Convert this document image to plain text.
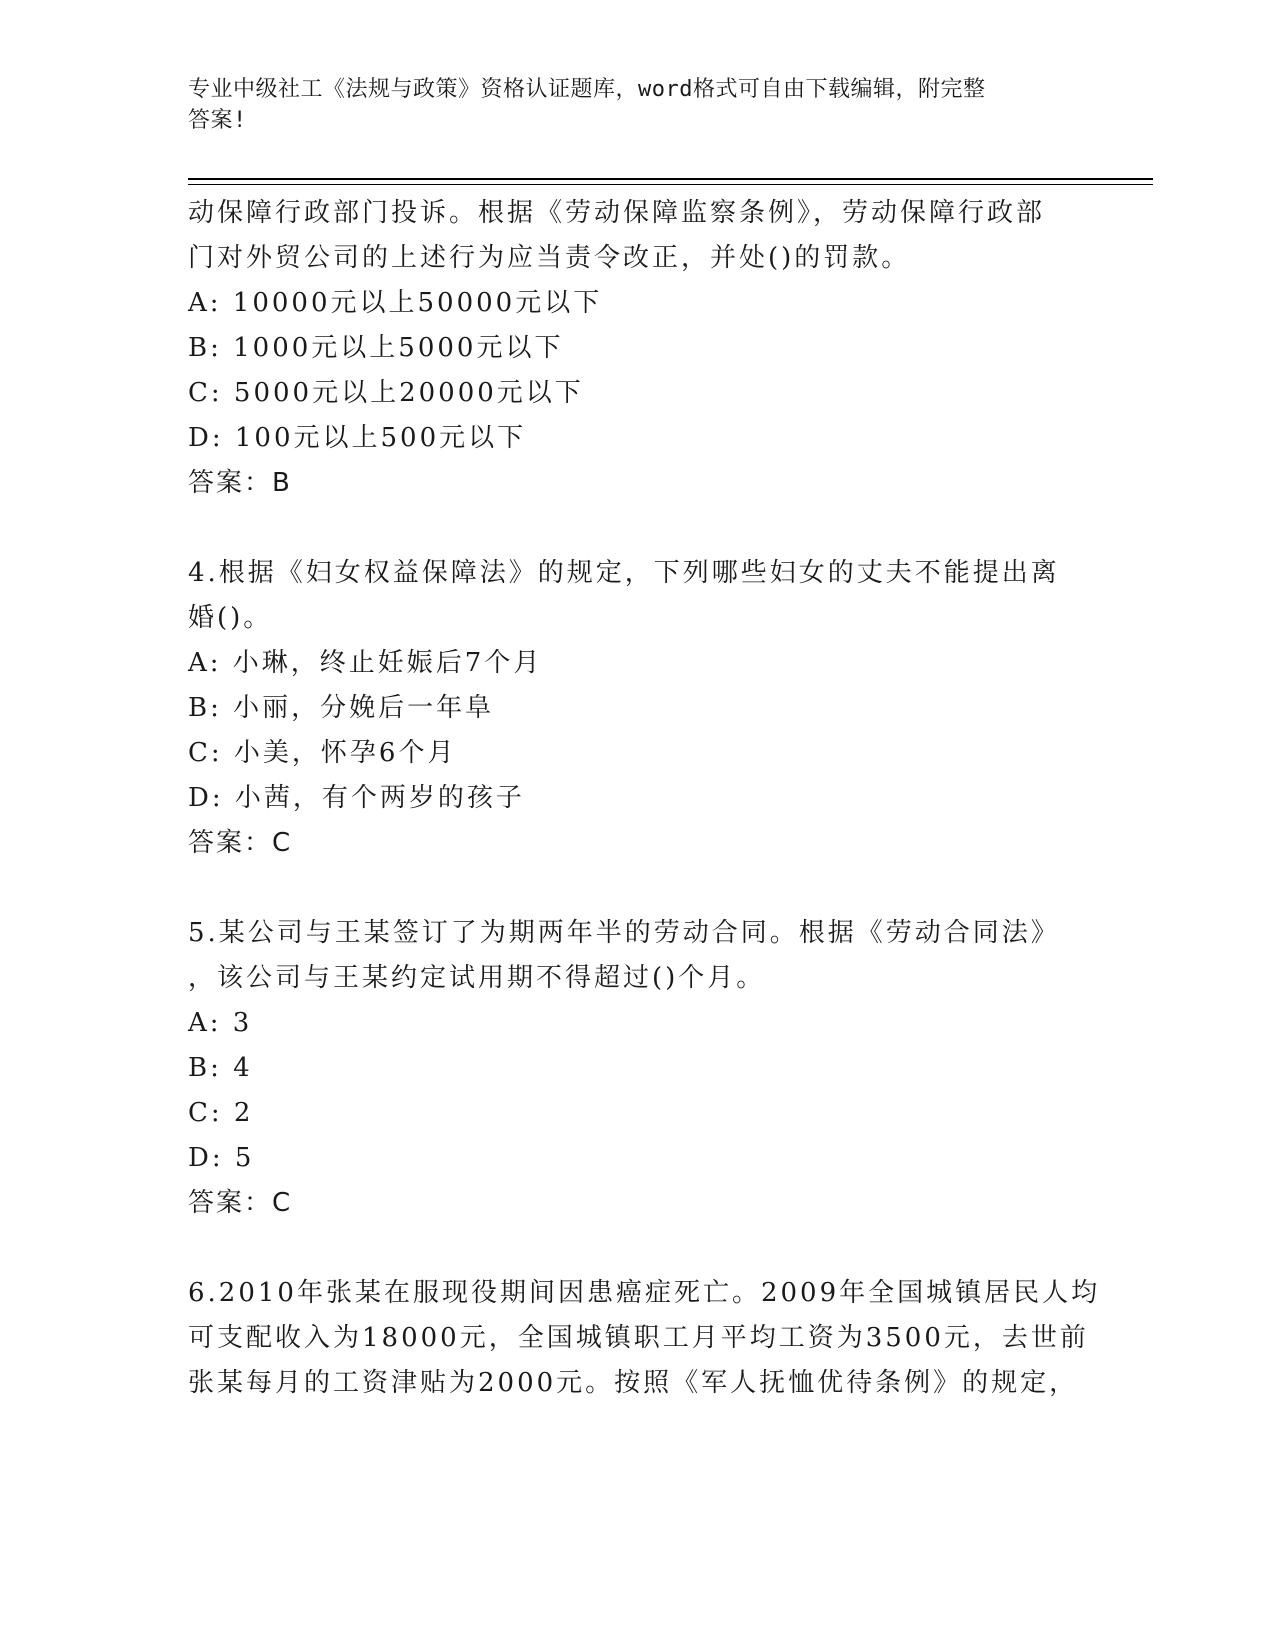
专业中级社工《法规与政策》资格认证题库，word格式可自由下载编辑，附完整
答案!
动保障行政部门投诉。根据《劳动保障监察条例》，劳动保障行政部
门对外贸公司的上述行为应当责令改正，并处()的罚款。
A: 10000元以上50000元以下
B: 1000元以上5000元以下
C: 5000元以上20000元以下
D: 100元以上500元以下
答案：B
4.根据《妇女权益保障法》的规定，下列哪些妇女的丈夫不能提出离
婚()。
A: 小琳，终止妊娠后7个月
B: 小丽，分娩后一年阜
C: 小美，怀孕6个月
D: 小茜，有个两岁的孩子
答案：C
5.某公司与王某签订了为期两年半的劳动合同。根据《劳动合同法》
，该公司与王某约定试用期不得超过()个月。
A: 3
B: 4
C: 2
D: 5
答案：C
6.2010年张某在服现役期间因患癌症死亡。2009年全国城镇居民人均
可支配收入为18000元，全国城镇职工月平均工资为3500元，去世前
张某每月的工资津贴为2000元。按照《军人抚恤优待条例》的规定，
